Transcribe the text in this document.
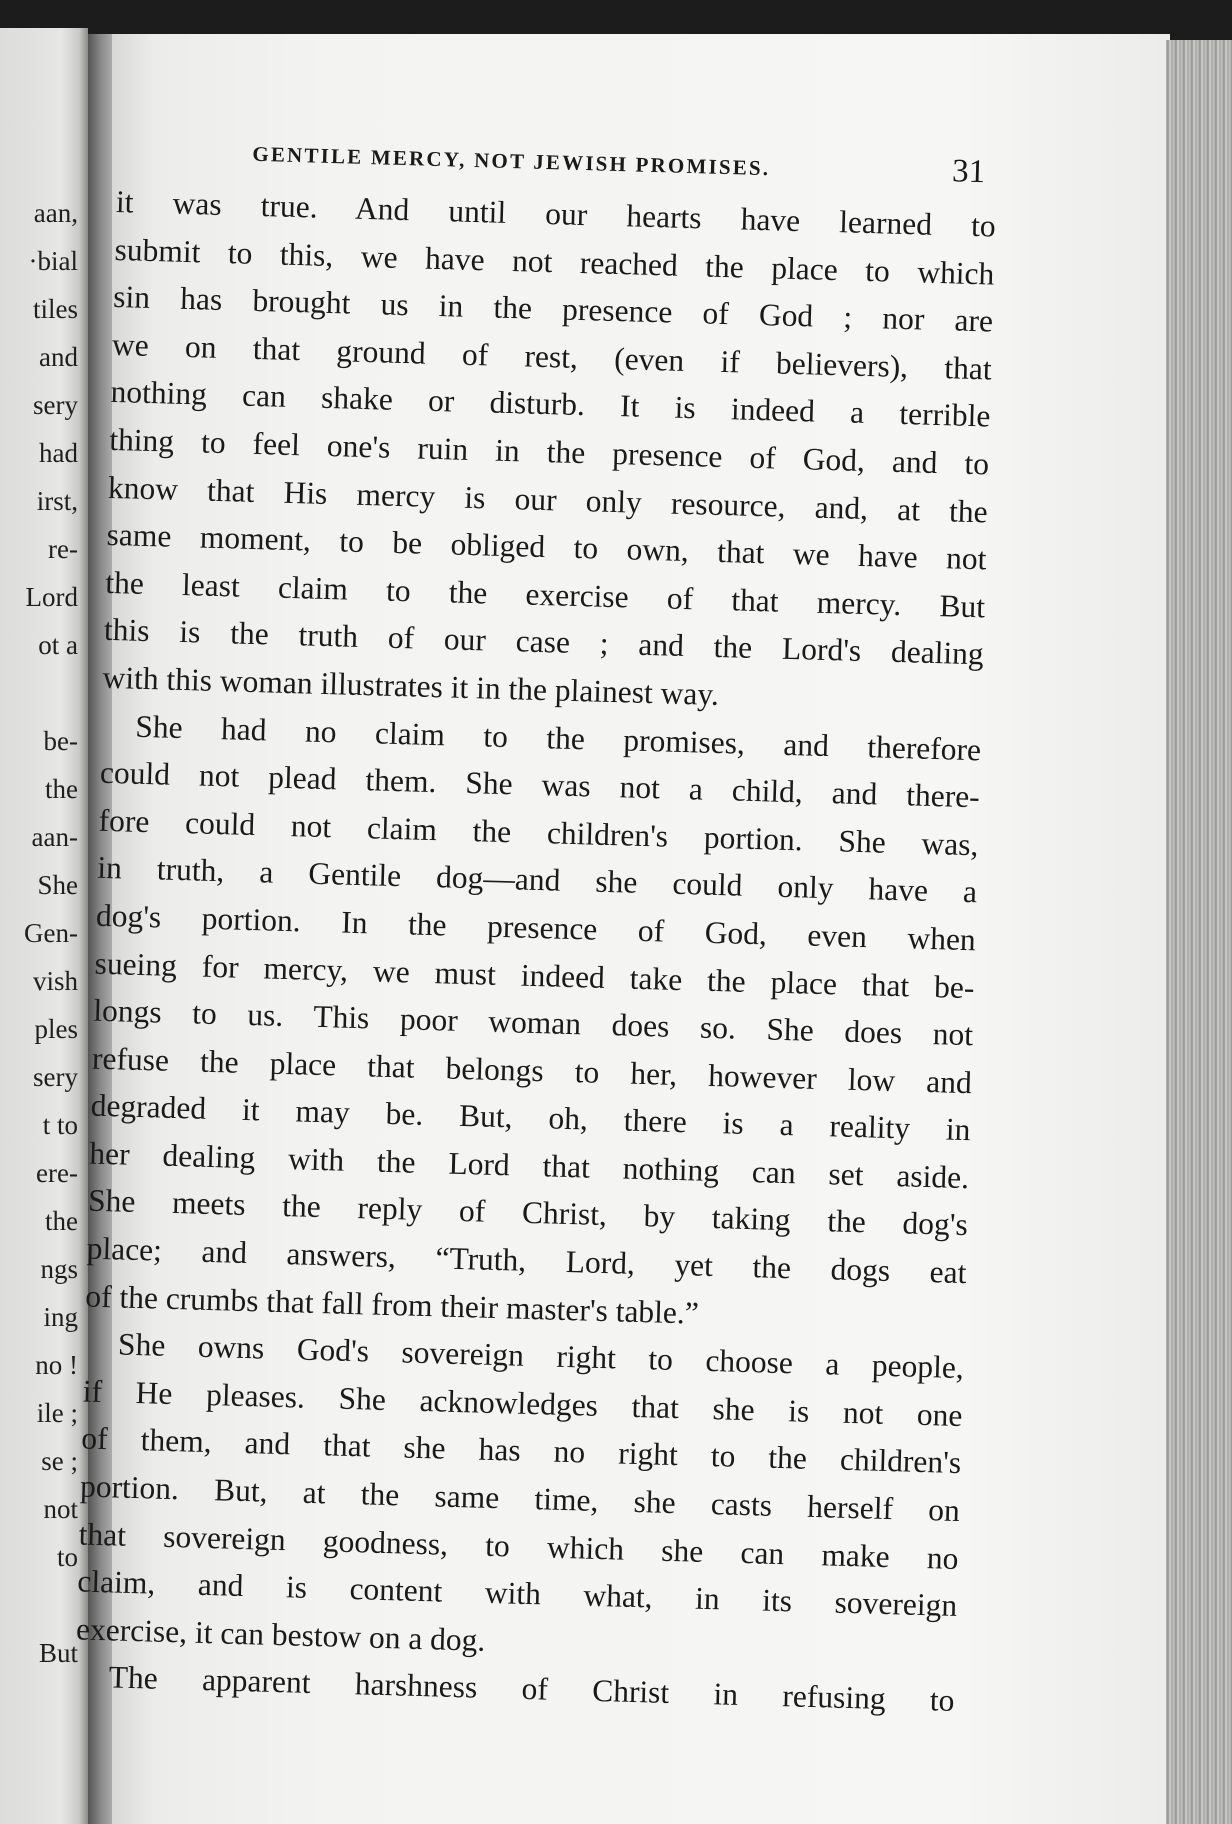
aan,
·bial
tiles
and
sery
had
irst,
re-
Lord
ot a
be-
the
aan-
She
Gen-
vish
ples
sery
t to
ere-
the
ngs
ing
no !
ile ;
se ;
not
to
But
GENTILE MERCY, NOT JEWISH PROMISES.	31
it was true. And until our hearts have learned to
submit to this, we have not reached the place to which
sin has brought us in the presence of God ; nor are
we on that ground of rest, (even if believers), that
nothing can shake or disturb. It is indeed a terrible
thing to feel one's ruin in the presence of God, and to
know that His mercy is our only resource, and, at the
same moment, to be obliged to own, that we have not
the least claim to the exercise of that mercy. But
this is the truth of our case ; and the Lord's dealing
with this woman illustrates it in the plainest way.
She had no claim to the promises, and therefore
could not plead them. She was not a child, and there-
fore could not claim the children's portion. She was,
in truth, a Gentile dog—and she could only have a
dog's portion. In the presence of God, even when
sueing for mercy, we must indeed take the place that be-
longs to us. This poor woman does so. She does not
refuse the place that belongs to her, however low and
degraded it may be. But, oh, there is a reality in
her dealing with the Lord that nothing can set aside.
She meets the reply of Christ, by taking the dog's
place; and answers, “Truth, Lord, yet the dogs eat
of the crumbs that fall from their master's table.”
She owns God's sovereign right to choose a people,
if He pleases. She acknowledges that she is not one
of them, and that she has no right to the children's
portion. But, at the same time, she casts herself on
that sovereign goodness, to which she can make no
claim, and is content with what, in its sovereign
exercise, it can bestow on a dog.
The apparent harshness of Christ in refusing to
